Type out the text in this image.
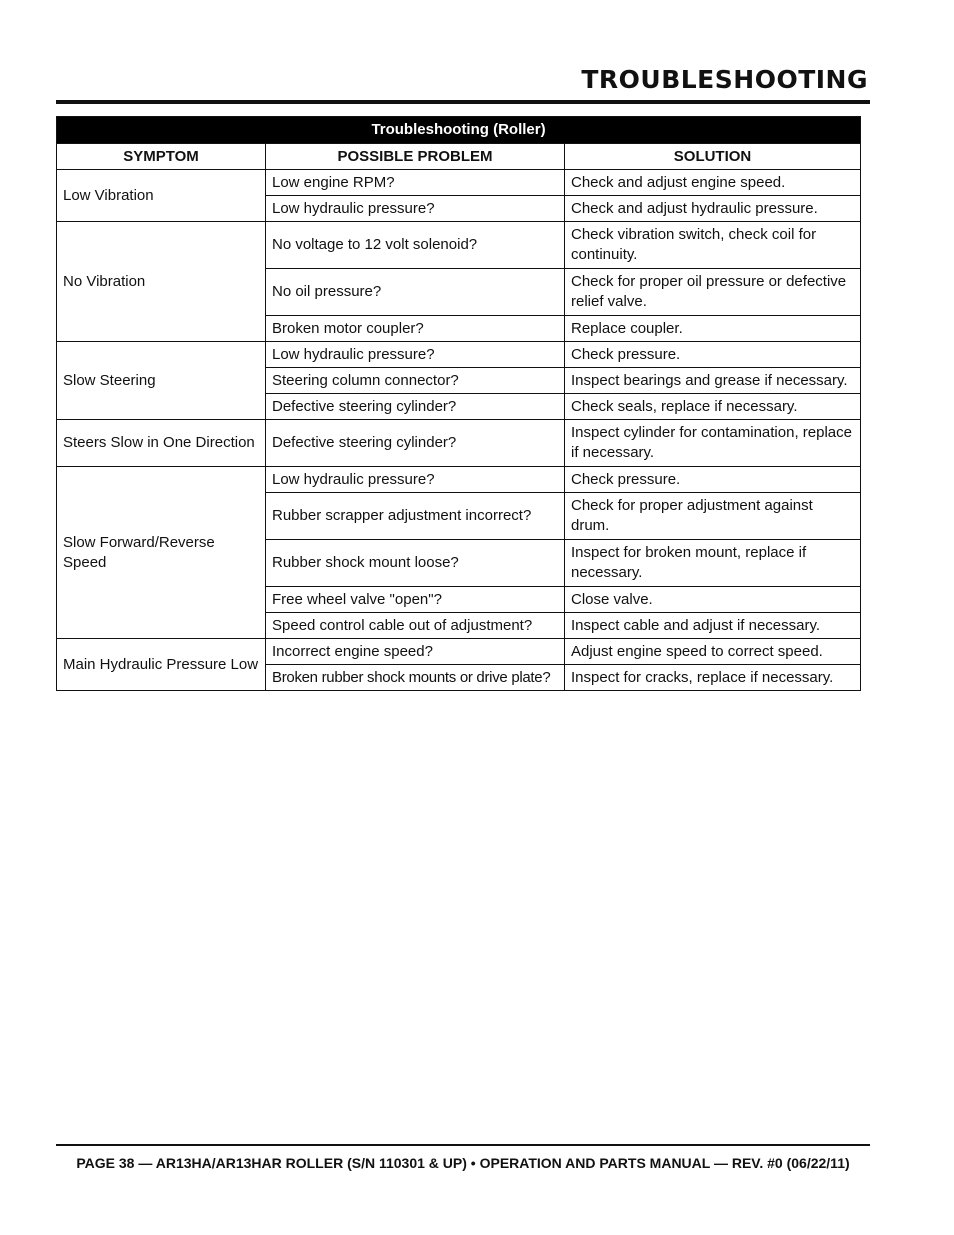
TROUBLESHOOTING
Troubleshooting (Roller)		
SYMPTOM	POSSIBLE PROBLEM	SOLUTION
Low Vibration	Low engine RPM?	Check and adjust engine speed.
	Low hydraulic pressure?	Check and adjust hydraulic pressure.
No Vibration	No voltage to 12 volt solenoid?	Check vibration switch, check coil for continuity.
	No oil pressure?	Check for proper oil pressure or defective relief valve.
	Broken motor coupler?	Replace coupler.
Slow Steering	Low hydraulic pressure?	Check pressure.
	Steering column connector?	Inspect bearings and grease if necessary.
	Defective steering cylinder?	Check seals, replace if necessary.
Steers Slow in One Direction	Defective steering cylinder?	Inspect cylinder for contamination, replace if necessary.
Slow Forward/Reverse Speed	Low hydraulic pressure?	Check pressure.
	Rubber scrapper adjustment incorrect?	Check for proper adjustment against drum.
	Rubber shock mount loose?	Inspect for broken mount, replace if necessary.
	Free wheel valve "open"?	Close valve.
	Speed control cable out of adjustment?	Inspect cable and adjust if necessary.
Main Hydraulic Pressure Low	Incorrect engine speed?	Adjust engine speed to correct speed.
	Broken rubber shock mounts or drive plate?	Inspect for cracks, replace if necessary.
PAGE 38 — AR13HA/AR13HAR ROLLER (S/N 110301 & UP) • OPERATION AND PARTS MANUAL — REV. #0 (06/22/11)
